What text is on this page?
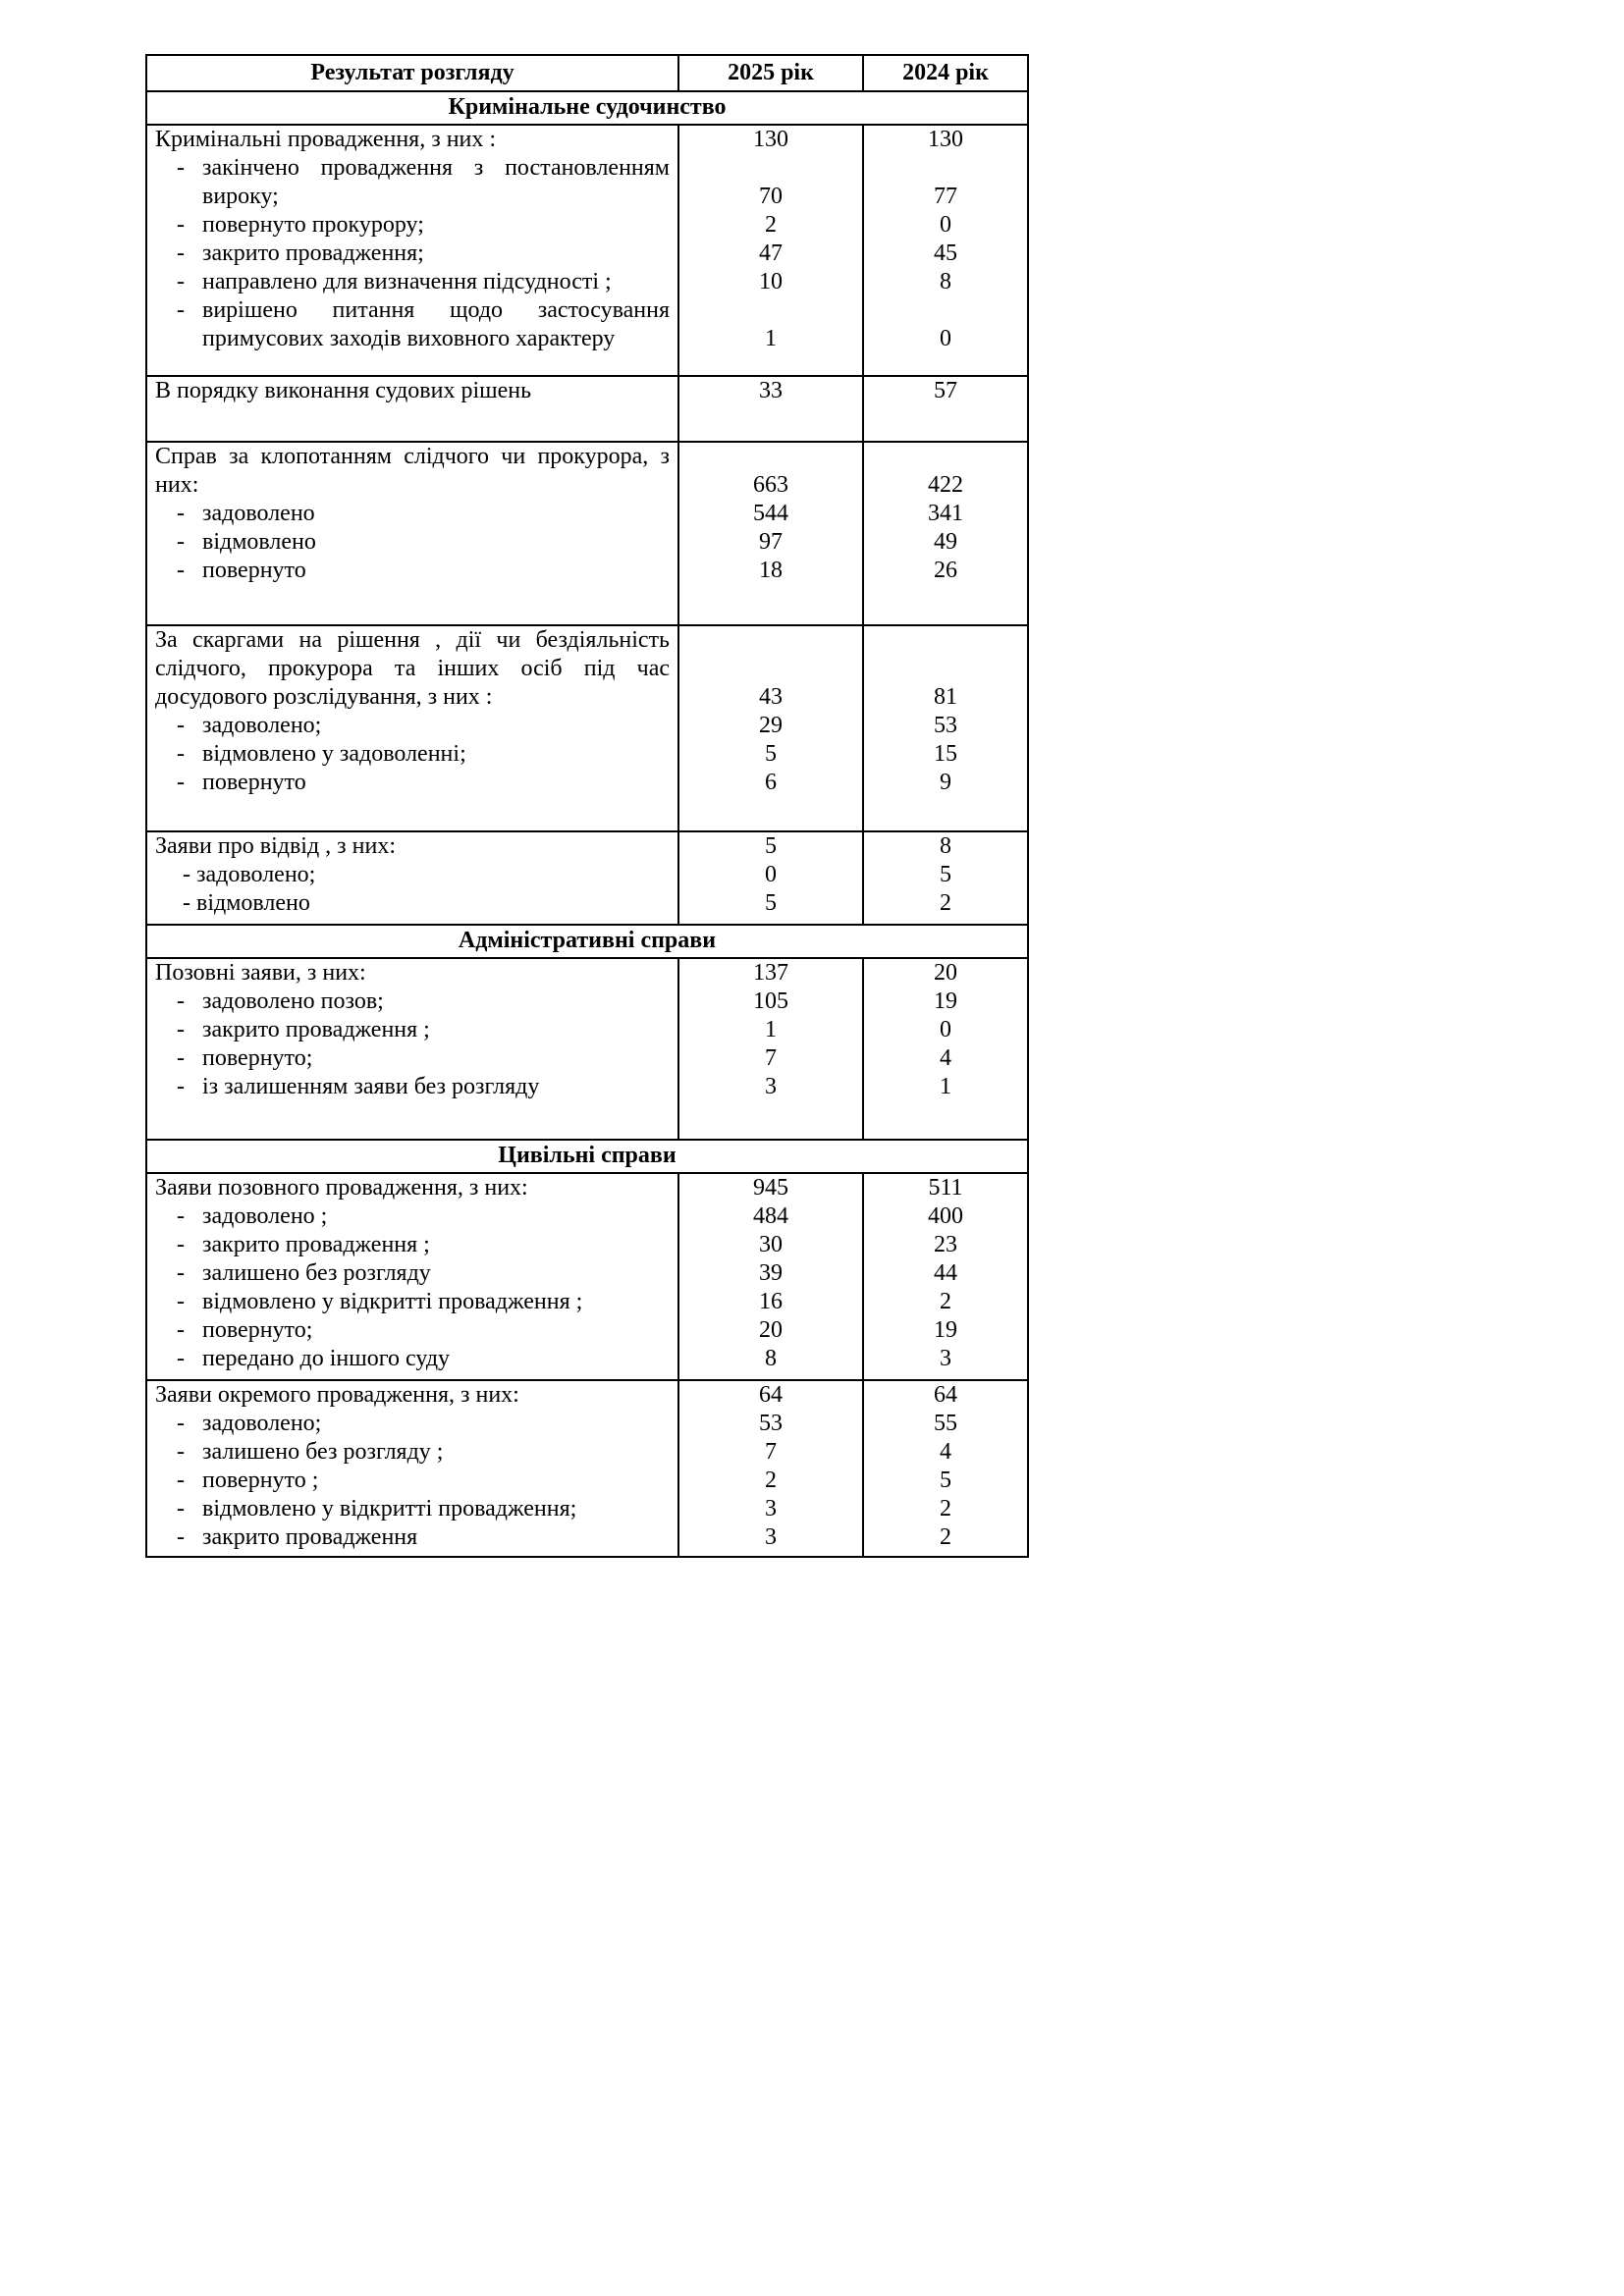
Результат розгляду	2025 рік	2024 рік
Кримінальне судочинство
Кримінальні провадження, з них :	130	130
- закінчено провадження з постановленням вироку;	70	77
- повернуто прокурору;	2	0
- закрито провадження;	47	45
- направлено для визначення підсудності ;	10	8
- вирішено питання щодо застосування примусових заходів виховного характеру	1	0
В порядку виконання судових рішень	33	57
Справ за клопотанням слідчого чи прокурора, з них:	663	422
- задоволено	544	341
- відмовлено	97	49
- повернуто	18	26
За скаргами на рішення , дії чи бездіяльність слідчого, прокурора та інших осіб під час досудового розслідування, з них :	43	81
- задоволено;	29	53
- відмовлено у задоволенні;	5	15
- повернуто	6	9
Заяви про відвід , з них:	5	8
- задоволено;	0	5
- відмовлено	5	2
Адміністративні справи
Позовні заяви, з них:	137	20
- задоволено позов;	105	19
- закрито провадження ;	1	0
- повернуто;	7	4
- із залишенням заяви без розгляду	3	1
Цивільні справи
Заяви позовного провадження, з них:	945	511
- задоволено ;	484	400
- закрито провадження ;	30	23
- залишено без розгляду	39	44
- відмовлено у відкритті провадження ;	16	2
- повернуто;	20	19
- передано до іншого суду	8	3
Заяви окремого провадження, з них:	64	64
- задоволено;	53	55
- залишено без розгляду ;	7	4
- повернуто ;	2	5
- відмовлено у відкритті провадження;	3	2
- закрито провадження	3	2
